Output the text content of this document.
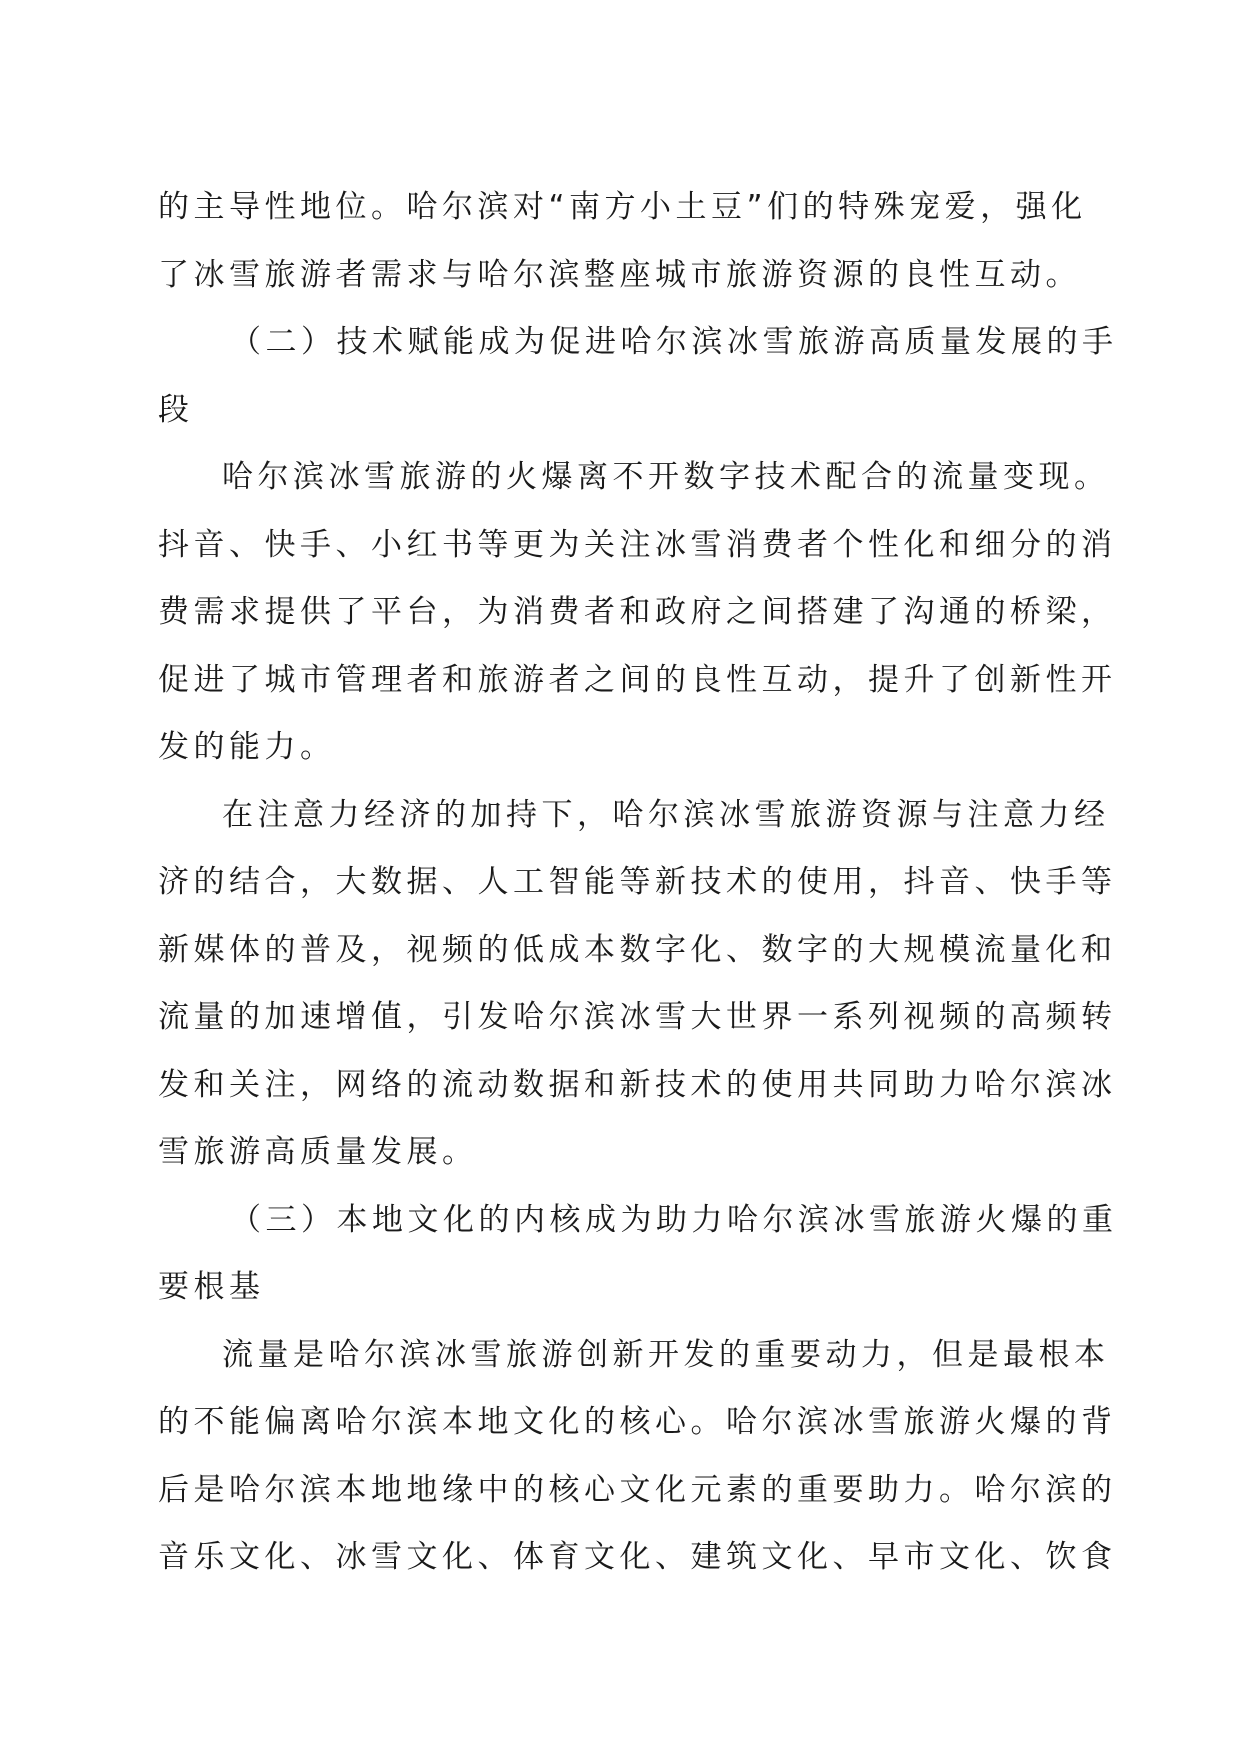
的主导性地位。哈尔滨对“南方小土豆”们的特殊宠爱，强化
了冰雪旅游者需求与哈尔滨整座城市旅游资源的良性互动。
（二）技术赋能成为促进哈尔滨冰雪旅游高质量发展的手
段
哈尔滨冰雪旅游的火爆离不开数字技术配合的流量变现。
抖音、快手、小红书等更为关注冰雪消费者个性化和细分的消
费需求提供了平台，为消费者和政府之间搭建了沟通的桥梁，
促进了城市管理者和旅游者之间的良性互动，提升了创新性开
发的能力。
在注意力经济的加持下，哈尔滨冰雪旅游资源与注意力经
济的结合，大数据、人工智能等新技术的使用，抖音、快手等
新媒体的普及，视频的低成本数字化、数字的大规模流量化和
流量的加速增值，引发哈尔滨冰雪大世界一系列视频的高频转
发和关注，网络的流动数据和新技术的使用共同助力哈尔滨冰
雪旅游高质量发展。
（三）本地文化的内核成为助力哈尔滨冰雪旅游火爆的重
要根基
流量是哈尔滨冰雪旅游创新开发的重要动力，但是最根本
的不能偏离哈尔滨本地文化的核心。哈尔滨冰雪旅游火爆的背
后是哈尔滨本地地缘中的核心文化元素的重要助力。哈尔滨的
音乐文化、冰雪文化、体育文化、建筑文化、早市文化、饮食
